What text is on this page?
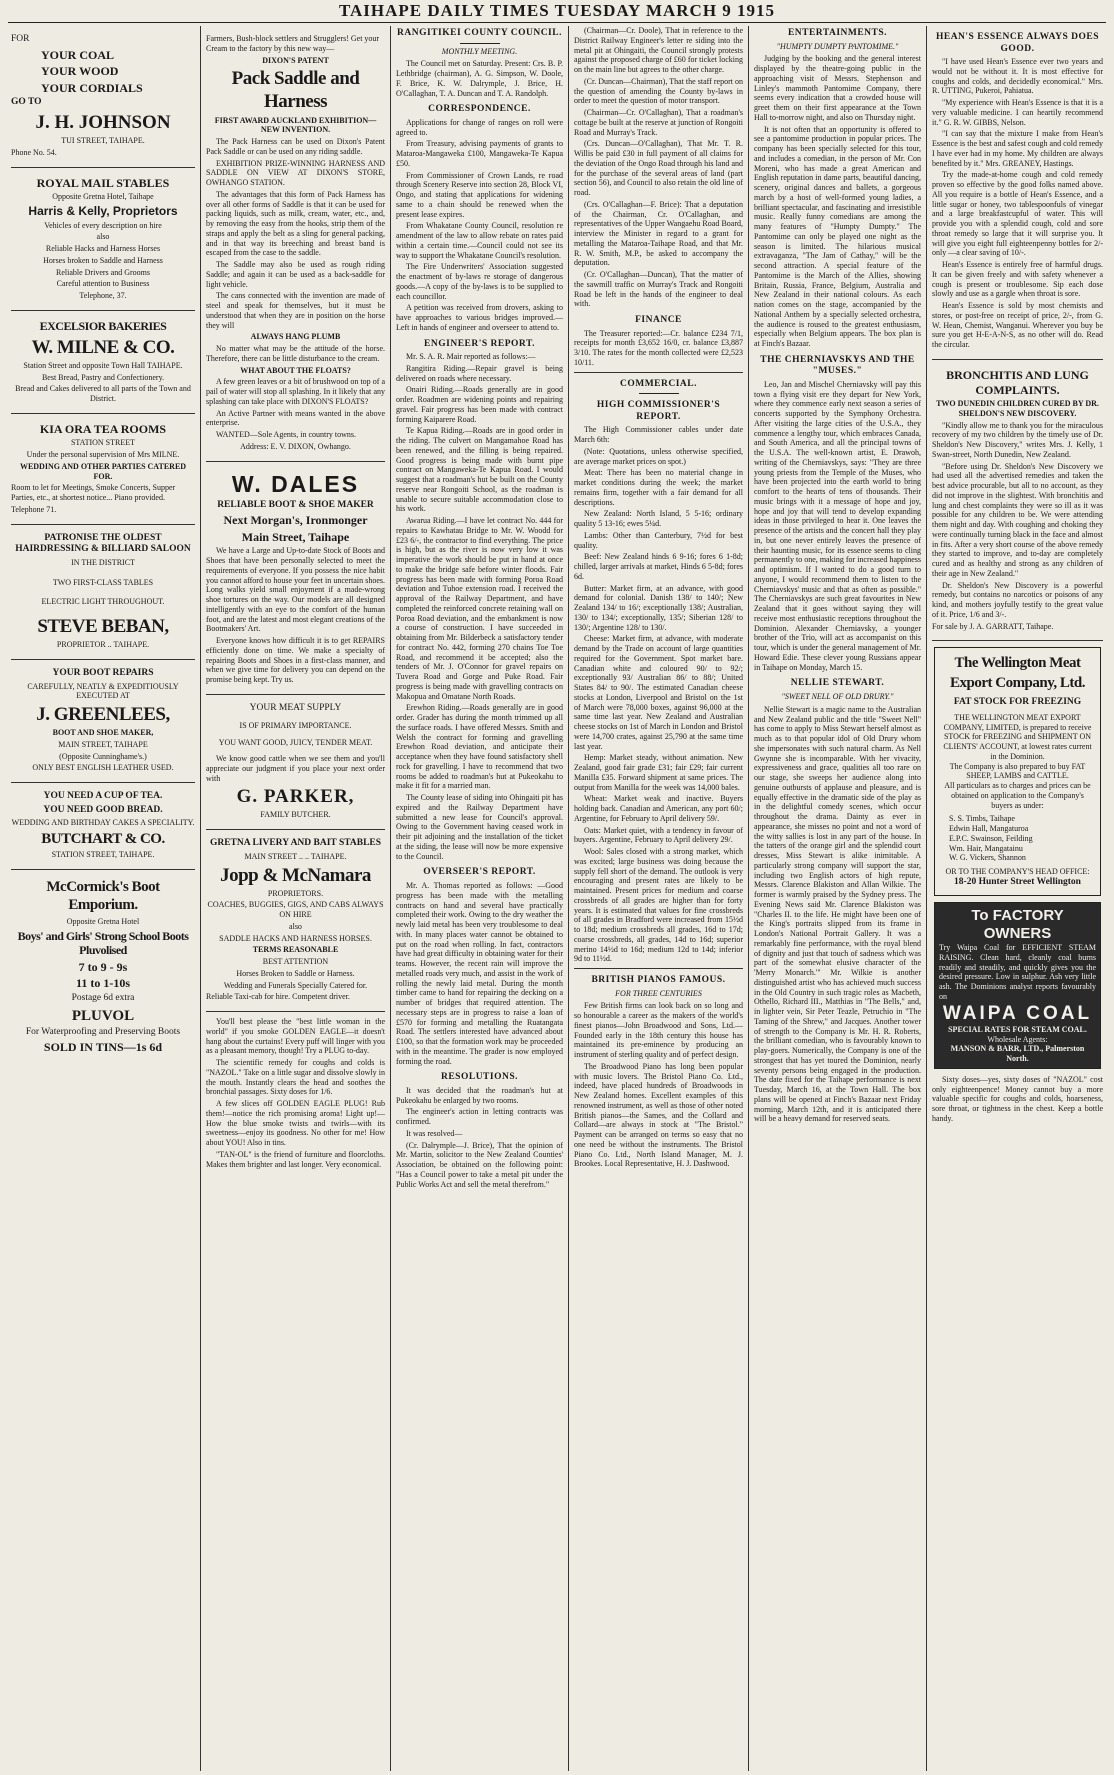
TAIHAPE DAILY TIMES TUESDAY MARCH 9 1915

FOR

YOUR COAL

YOUR WOOD

YOUR CORDIALS

GO TO

J. H. JOHNSON

TUI STREET, TAIHAPE.

Phone No. 54.

ROYAL MAIL STABLES

Opposite Gretna Hotel, Taihape

Harris & Kelly, Proprietors

Vehicles of every description on hire

also

Reliable Hacks and Harness Horses

Horses broken to Saddle and Harness

Reliable Drivers and Grooms

Careful attention to Business

Telephone, 37.

EXCELSIOR BAKERIES

W. MILNE & CO.

Station Street and opposite Town Hall TAIHAPE.

Best Bread, Pastry and Confectionery.

Bread and Cakes delivered to all parts of the Town and District.

KIA ORA TEA ROOMS

STATION STREET

Under the personal supervision of Mrs MILNE.

WEDDING AND OTHER PARTIES CATERED FOR.

Room to let for Meetings, Smoke Concerts, Supper Parties, etc., at shortest notice... Piano provided.

Telephone 71.

PATRONISE THE OLDEST HAIRDRESSING & BILLIARD SALOON

IN THE DISTRICT

TWO FIRST-CLASS TABLES

ELECTRIC LIGHT THROUGHOUT.

STEVE BEBAN,

PROPRIETOR .. TAIHAPE.

YOUR BOOT REPAIRS

CAREFULLY, NEATLY & EXPEDITIOUSLY EXECUTED AT

J. GREENLEES,

BOOT AND SHOE MAKER,

MAIN STREET, TAIHAPE

(Opposite Cunninghame's.)

ONLY BEST ENGLISH LEATHER USED.

YOU NEED A CUP OF TEA.

YOU NEED GOOD BREAD.

WEDDING AND BIRTHDAY CAKES A SPECIALITY.

BUTCHART & CO.

STATION STREET, TAIHAPE.

McCormick's Boot Emporium.

Opposite Gretna Hotel

Boys' and Girls' Strong School Boots Pluvolised

7 to 9 - 9s

11 to 1-10s

Postage 6d extra

PLUVOL

For Waterproofing and Preserving Boots

SOLD IN TINS—1s 6d

Farmers, Bush-block settlers and Strugglers! Get your Cream to the factory by this new way—

DIXON'S PATENT

Pack Saddle and Harness

FIRST AWARD AUCKLAND EXHIBITION—NEW INVENTION.

The Pack Harness can be used on Dixon's Patent Pack Saddle or can be used on any riding saddle.

EXHIBITION PRIZE-WINNING HARNESS AND SADDLE ON VIEW AT DIXON'S STORE, OWHANGO STATION.

The advantages that this form of Pack Harness has over all other forms of Saddle is that it can be used for packing liquids, such as milk, cream, water, etc., and, by removing the easy from the hooks, strip them of the straps and apply the belt as a sling for general packing, and in that way its breeching and breast band is escaped from the case to the saddle.

The Saddle may also be used as rough riding Saddle; and again it can be used as a back-saddle for light vehicle.

The cans connected with the invention are made of steel and speak for themselves, but it must be understood that when they are in position on the horse they will

ALWAYS HANG PLUMB

No matter what may be the attitude of the horse. Therefore, there can be little disturbance to the cream.

WHAT ABOUT THE FLOATS?

A few green leaves or a bit of brushwood on top of a pail of water will stop all splashing. In it likely that any splashing can take place with DIXON'S FLOATS?

An Active Partner with means wanted in the above enterprise.

WANTED—Sole Agents, in country towns.

Address: E. V. DIXON, Owhango.

W. DALES

RELIABLE BOOT & SHOE MAKER

Next Morgan's, Ironmonger

Main Street, Taihape

We have a Large and Up-to-date Stock of Boots and Shoes that have been personally selected to meet the requirements of everyone. If you possess the nice habit you cannot afford to house your feet in uncertain shoes. Long walks yield small enjoyment if a made-wrong shoe tortures on the way. Our models are all designed intelligently with an eye to the comfort of the human foot, and are the latest and most elegant creations of the Bootmakers' Art.

Everyone knows how difficult it is to get REPAIRS efficiently done on time. We make a specialty of repairing Boots and Shoes in a first-class manner, and when we give time for delivery you can depend on the promise being kept. Try us.

YOUR MEAT SUPPLY

IS OF PRIMARY IMPORTANCE.

YOU WANT GOOD, JUICY, TENDER MEAT.

We know good cattle when we see them and you'll appreciate our judgment if you place your next order with

G. PARKER,

FAMILY BUTCHER.

GRETNA LIVERY AND BAIT STABLES

MAIN STREET .. .. TAIHAPE.

Jopp & McNamara

PROPRIETORS.

COACHES, BUGGIES, GIGS, AND CABS ALWAYS ON HIRE

also

SADDLE HACKS AND HARNESS HORSES.

TERMS REASONABLE

BEST ATTENTION

Horses Broken to Saddle or Harness.

Wedding and Funerals Specially Catered for.

Reliable Taxi-cab for hire. Competent driver.

You'll best please the "best little woman in the world" if you smoke GOLDEN EAGLE—it doesn't hang about the curtains! Every puff will linger with you as a pleasant memory, though! Try a PLUG to-day.

The scientific remedy for coughs and colds is "NAZOL." Take on a little sugar and dissolve slowly in the mouth. Instantly clears the head and soothes the bronchial passages. Sixty doses for 1/6.

A few slices off GOLDEN EAGLE PLUG! Rub them!—notice the rich promising aroma! Light up!—How the blue smoke twists and twirls—with its sweetness—enjoy its goodness. No other for me! How about YOU! Also in tins.

"TAN-OL" is the friend of furniture and floorcloths. Makes them brighter and last longer. Very economical.

RANGITIKEI COUNTY COUNCIL.

MONTHLY MEETING.

The Council met on Saturday. Present: Crs. B. P. Lethbridge (chairman), A. G. Simpson, W. Doole, F. Brice, K. W. Dalrymple, J. Brice, H. O'Callaghan, T. A. Duncan and T. A. Randolph.

CORRESPONDENCE.

Applications for change of ranges on roll were agreed to.

From Treasury, advising payments of grants to Mataroa-Mangaweka £100, Mangaweka-Te Kapua £50.

From Commissioner of Crown Lands, re road through Scenery Reserve into section 28, Block VI, Ongo, and stating that applications for widening same to a chain should be renewed when the present lease expires.

From Whakatane County Council, resolution re amendment of the law to allow rebate on rates paid within a certain time.—Council could not see its way to support the Whakatane Council's resolution.

The Fire Underwriters' Association suggested the enactment of by-laws re storage of dangerous goods.—A copy of the by-laws is to be supplied to each councillor.

A petition was received from drovers, asking to have approaches to various bridges improved.—Left in hands of engineer and overseer to attend to.

ENGINEER'S REPORT.

Mr. S. A. R. Mair reported as follows:—

Rangitira Riding.—Repair gravel is being delivered on roads where necessary.

Onairi Riding.—Roads generally are in good order. Roadmen are widening points and repairing gravel. Fair progress has been made with contract forming Kaiparere Road.

Te Kapua Riding.—Roads are in good order in the riding. The culvert on Mangamahoe Road has been renewed, and the filling is being repaired. Good progress is being made with burnt pipe contract on Mangaweka-Te Kapua Road. I would suggest that a roadman's hut be built on the County reserve near Rongoiti School, as the roadman is unable to secure suitable accommodation close to his work.

Awarua Riding.—I have let contract No. 444 for repairs to Kawhatau Bridge to Mr. W. Woodd for £23 6/-, the contractor to find everything. The price is high, but as the river is now very low it was imperative the work should be put in hand at once to make the bridge safe before winter floods. Fair progress has been made with forming Poroa Road deviation and Tuhoe extension road. I received the approval of the Railway Department, and have completed the reinforced concrete retaining wall on Poroa Road deviation, and the embankment is now a course of construction. I have succeeded in obtaining from Mr. Bilderbeck a satisfactory tender for contract No. 442, forming 270 chains Toe Toe Road, and recommend it be accepted; also the tenders of Mr. J. O'Connor for gravel repairs on Tuvera Road and Gorge and Puke Road. Fair progress is being made with gravelling contracts on Makopua and Omatane North Roads.

Erewhon Riding.—Roads generally are in good order. Grader has during the month trimmed up all the surface roads. I have offered Messrs. Smith and Welsh the contract for forming and gravelling Erewhon Road deviation, and anticipate their acceptance when they have found satisfactory shell rock for gravelling. I have to recommend that two rooms be added to roadman's hut at Pukeokahu to make it fit for a married man.

The County lease of siding into Ohingaiti pit has expired and the Railway Department have submitted a new lease for Council's approval. Owing to the Government having ceased work in their pit adjoining and the installation of the ticket at the siding, the lease will now be more expensive to the Council.

OVERSEER'S REPORT.

Mr. A. Thomas reported as follows: —Good progress has been made with the metalling contracts on hand and several have practically completed their work. Owing to the dry weather the newly laid metal has been very troublesome to deal with. In many places water cannot be obtained to put on the road when rolling. In fact, contractors have had great difficulty in obtaining water for their teams. However, the recent rain will improve the metalled roads very much, and assist in the work of rolling the newly laid metal. During the month timber came to hand for repairing the decking on a number of bridges that required attention. The necessary steps are in progress to raise a loan of £570 for forming and metalling the Ruatangata Road. The settlers interested have advanced about £100, so that the formation work may be proceeded with in the meantime. The grader is now employed forming the road.

RESOLUTIONS.

It was decided that the roadman's hut at Pukeokahu be enlarged by two rooms.

The engineer's action in letting contracts was confirmed.

It was resolved—

(Cr. Dalrymple—J. Brice), That the opinion of Mr. Martin, solicitor to the New Zealand Counties' Association, be obtained on the following point: "Has a Council power to take a metal pit under the Public Works Act and sell the metal therefrom."

(Chairman—Cr. Doole), That in reference to the District Railway Engineer's letter re siding into the metal pit at Ohingaiti, the Council strongly protests against the proposed charge of £60 for ticket locking on the main line but agrees to the other charge.

(Cr. Duncan—Chairman), That the staff report on the question of amending the County by-laws in order to meet the question of motor transport.

(Chairman—Cr. O'Callaghan), That a roadman's cottage be built at the reserve at junction of Rongoiti Road and Murray's Track.

(Crs. Duncan—O'Callaghan), That Mr. T. R. Willis be paid £30 in full payment of all claims for the deviation of the Ongo Road through his land and for the purchase of the several areas of land (part section 56), and Council to also retain the old line of road.

(Crs. O'Callaghan—F. Brice): That a deputation of the Chairman, Cr. O'Callaghan, and representatives of the Upper Wangaehu Road Board, interview the Minister in regard to a grant for metalling the Mataroa-Taihape Road, and that Mr. R. W. Smith, M.P., be asked to accompany the deputation.

(Cr. O'Callaghan—Duncan), That the matter of the sawmill traffic on Murray's Track and Rongoiti Road be left in the hands of the engineer to deal with.

FINANCE

The Treasurer reported:—Cr. balance £234 7/1, receipts for month £3,652 16/0, cr. balance £3,887 3/10. The rates for the month collected were £2,523 10/11.

COMMERCIAL.

HIGH COMMISSIONER'S REPORT.

The High Commissioner cables under date March 6th:

(Note: Quotations, unless otherwise specified, are average market prices on spot.)

Meat: There has been no material change in market conditions during the week; the market remains firm, together with a fair demand for all descriptions.

New Zealand: North Island, 5 5-16; ordinary quality 5 13-16; ewes 5¼d.

Lambs: Other than Canterbury, 7½d for best quality.

Beef: New Zealand hinds 6 9-16; fores 6 1-8d; chilled, larger arrivals at market, Hinds 6 5-8d; fores 6d.

Butter: Market firm, at an advance, with good demand for colonial. Danish 138/ to 140/; New Zealand 134/ to 16/; exceptionally 138/; Australian, 130/ to 134/; exceptionally, 135/; Siberian 128/ to 130/; Argentine 128/ to 130/.

Cheese: Market firm, at advance, with moderate demand by the Trade on account of large quantities required for the Government. Spot market bare. Canadian white and coloured 90/ to 92/; exceptionally 93/ Australian 86/ to 88/; United States 84/ to 90/. The estimated Canadian cheese stocks at London, Liverpool and Bristol on the 1st of March were 78,000 boxes, against 96,000 at the same time last year. New Zealand and Australian cheese stocks on 1st of March in London and Bristol were 14,700 crates, against 25,790 at the same time last year.

Hemp: Market steady, without animation. New Zealand, good fair grade £31; fair £29; fair current Manilla £35. Forward shipment at same prices. The output from Manilla for the week was 14,000 bales.

Wheat: Market weak and inactive. Buyers holding back. Canadian and American, any port 60/; Argentine, for February to April delivery 59/.

Oats: Market quiet, with a tendency in favour of buyers. Argentine, February to April delivery 29/.

Wool: Sales closed with a strong market, which was excited; large business was doing because the supply fell short of the demand. The outlook is very encouraging and present rates are likely to be maintained. Present prices for medium and coarse crossbreds of all grades are higher than for forty years. It is estimated that values for fine crossbreds of all grades in Bradford were increased from 15½d to 18d; medium crossbreds all grades, 16d to 17d; coarse crossbreds, all grades, 14d to 16d; superior merino 14½d to 16d; medium 12d to 14d; inferior 9d to 11½d.

BRITISH PIANOS FAMOUS.

FOR THREE CENTURIES

Few British firms can look back on so long and so honourable a career as the makers of the world's finest pianos—John Broadwood and Sons, Ltd.—Founded early in the 18th century this house has maintained its pre-eminence by producing an instrument of sterling quality and of perfect design.

The Broadwood Piano has long been popular with music lovers. The Bristol Piano Co. Ltd., indeed, have placed hundreds of Broadwoods in New Zealand homes. Excellent examples of this renowned instrument, as well as those of other noted British pianos—the Sames, and the Collard and Collard—are always in stock at "The Bristol." Payment can be arranged on terms so easy that no one need be without the instruments. The Bristol Piano Co. Ltd., North Island Manager, M. J. Brookes. Local Representative, H. J. Dashwood.

ENTERTAINMENTS.

"HUMPTY DUMPTY PANTOMIME."

Judging by the booking and the general interest displayed by the theatre-going public in the approaching visit of Messrs. Stephenson and Linley's mammoth Pantomime Company, there seems every indication that a crowded house will greet them on their first appearance at the Town Hall to-morrow night, and also on Thursday night.

It is not often that an opportunity is offered to see a pantomime production in popular prices. The company has been specially selected for this tour, and includes a comedian, in the person of Mr. Con Moreni, who has made a great American and English reputation in dame parts, beautiful dancing, scenery, original dances and ballets, a gorgeous march by a host of well-formed young ladies, a brilliant spectacular, and fascinating and irresistible music. Really funny comedians are among the many features of "Humpty Dumpty." The Pantomime can only be played one night as the season is limited. The hilarious musical extravaganza, "The Jam of Cathay," will be the second attraction. A special feature of the Pantomime is the March of the Allies, showing Britain, Russia, France, Belgium, Australia and New Zealand in their national colours. As each nation comes on the stage, accompanied by the National Anthem by a specially selected orchestra, the audience is roused to the greatest enthusiasm, especially when Belgium appears. The box plan is at Finch's Bazaar.

THE CHERNIAVSKYS AND THE "MUSES."

Leo, Jan and Mischel Cherniavsky will pay this town a flying visit ere they depart for New York, where they commence early next season a series of concerts supported by the Symphony Orchestra. After visiting the large cities of the U.S.A., they commence a lengthy tour, which embraces Canada, and South America, and all the principal towns of the U.S.A. The well-known artist, E. Drawoh, writing of the Cherniavskys, says: "They are three young priests from the Temple of the Muses, who have been projected into the earth world to bring comfort to the hearts of tens of thousands. Their music brings with it a message of hope and joy, hope and joy that will tend to develop expanding ideas in those privileged to hear it. One leaves the presence of the artists and the concert hall they play in, but one never entirely leaves the presence of their haunting music, for its essence seems to cling permanently to one, making for increased happiness and optimism. If I wanted to do a good turn to anyone, I would recommend them to listen to the Cherniavskys' music and that as often as possible." The Cherniavskys are such great favourites in New Zealand that it goes without saying they will receive most enthusiastic receptions throughout the Dominion. Alexander Cherniavsky, a younger brother of the Trio, will act as accompanist on this tour, which is under the general management of Mr. Howard Edie. These clever young Russians appear in Taihape on Monday, March 15.

NELLIE STEWART.

"SWEET NELL OF OLD DRURY."

Nellie Stewart is a magic name to the Australian and New Zealand public and the title "Sweet Nell" has come to apply to Miss Stewart herself almost as much as to that popular idol of Old Drury whom she impersonates with such natural charm. As Nell Gwynne she is incomparable. With her vivacity, expressiveness and grace, qualities all too rare on our stage, she sweeps her audience along into genuine outbursts of applause and pleasure, and is equally effective in the dramatic side of the play as in the delightful comedy scenes, which occur throughout the drama. Dainty as ever in appearance, she misses no point and not a word of the witty sallies is lost in any part of the house. In the tatters of the orange girl and the splendid court dresses, Miss Stewart is alike inimitable. A particularly strong company will support the star, including two English actors of high repute, Messrs. Clarence Blakiston and Allan Wilkie. The former is warmly praised by the Sydney press. The Evening News said Mr. Clarence Blakiston was "Charles II. to the life. He might have been one of the King's portraits slipped from its frame in London's National Portrait Gallery. It was a remarkably fine performance, with the royal blend of dignity and just that touch of sadness which was part of the somewhat elusive character of the 'Merry Monarch.'" Mr. Wilkie is another distinguished artist who has achieved much success in the Old Country in such tragic roles as Macbeth, Othello, Richard III., Matthias in "The Bells," and, in lighter vein, Sir Peter Teazle, Petruchio in "The Taming of the Shrew," and Jacques. Another tower of strength to the Company is Mr. H. R. Roberts, the brilliant comedian, who is favourably known to play-goers. Numerically, the Company is one of the strongest that has yet toured the Dominion, nearly seventy persons being engaged in the production. The date fixed for the Taihape performance is next Tuesday, March 16, at the Town Hall. The box plans will be opened at Finch's Bazaar next Friday morning, March 12th, and it is anticipated there will be a heavy demand for reserved seats.

HEAN'S ESSENCE ALWAYS DOES GOOD.

"I have used Hean's Essence ever two years and would not be without it. It is most effective for coughs and colds, and decidedly economical." Mrs. R. UTTING, Pukeroi, Pahiatua.

"My experience with Hean's Essence is that it is a very valuable medicine. I can heartily recommend it." G. R. W. GIBBS, Nelson.

"I can say that the mixture I make from Hean's Essence is the best and safest cough and cold remedy I have ever had in my home. My children are always benefited by it." Mrs. GREANEY, Hastings.

Try the made-at-home cough and cold remedy proven so effective by the good folks named above. All you require is a bottle of Hean's Essence, and a little sugar or honey, two tablespoonfuls of vinegar and a large breakfastcupful of water. This will provide you with a splendid cough, cold and sore throat remedy so large that it will surprise you. It will give you eight full eighteenpenny bottles for 2/- only —a clear saving of 10/-.

Hean's Essence is entirely free of harmful drugs. It can be given freely and with safety whenever a cough is present or troublesome. Sip each dose slowly and use as a gargle when throat is sore.

Hean's Essence is sold by most chemists and stores, or post-free on receipt of price, 2/-, from G. W. Hean, Chemist, Wanganui. Wherever you buy be sure you get H-E-A-N-S, as no other will do. Read the circular.

BRONCHITIS AND LUNG COMPLAINTS.

TWO DUNEDIN CHILDREN CURED BY DR. SHELDON'S NEW DISCOVERY.

"Kindly allow me to thank you for the miraculous recovery of my two children by the timely use of Dr. Sheldon's New Discovery," writes Mrs. J. Kelly, 1 Swan-street, North Dunedin, New Zealand.

"Before using Dr. Sheldon's New Discovery we had used all the advertised remedies and taken the best advice procurable, but all to no account, as they did not improve in the slightest. With bronchitis and lung and chest complaints they were so ill as it was possible for any children to be. We were attending them night and day. With coughing and choking they were continually turning black in the face and almost in fits. After a very short course of the above remedy they started to improve, and to-day are completely cured and as healthy and strong as any children of their age in New Zealand."

Dr. Sheldon's New Discovery is a powerful remedy, but contains no narcotics or poisons of any kind, and mothers joyfully testify to the great value of it. Price, 1/6 and 3/-.

For sale by J. A. GARRATT, Taihape.

The Wellington Meat Export Company, Ltd.

FAT STOCK FOR FREEZING

THE WELLINGTON MEAT EXPORT COMPANY, LIMITED, is prepared to receive STOCK for FREEZING and SHIPMENT ON CLIENTS' ACCOUNT, at lowest rates current in the Dominion.

The Company is also prepared to buy FAT SHEEP, LAMBS and CATTLE.

All particulars as to charges and prices can be obtained on application to the Company's buyers as under:

S. S. Timbs, Taihape

Edwin Hall, Mangaturoa

E.P.C. Swainson, Feilding

Wm. Hair, Mangatainu

W. G. Vickers, Shannon

OR TO THE COMPANY'S HEAD OFFICE:

18-20 Hunter Street Wellington

To FACTORY OWNERS

Try Waipa Coal for EFFICIENT STEAM RAISING. Clean hard, cleanly coal burns readily and steadily, and quickly gives you the desired pressure. Low in sulphur. Ash very little ash. The Dominions analyst reports favourably on

WAIPA COAL

SPECIAL RATES FOR STEAM COAL.

Wholesale Agents:

MANSON & BARR, LTD., Palmerston North.

Sixty doses—yes, sixty doses of "NAZOL" cost only eighteenpence! Money cannot buy a more valuable specific for coughs and colds, hoarseness, sore throat, or tightness in the chest. Keep a bottle handy.
